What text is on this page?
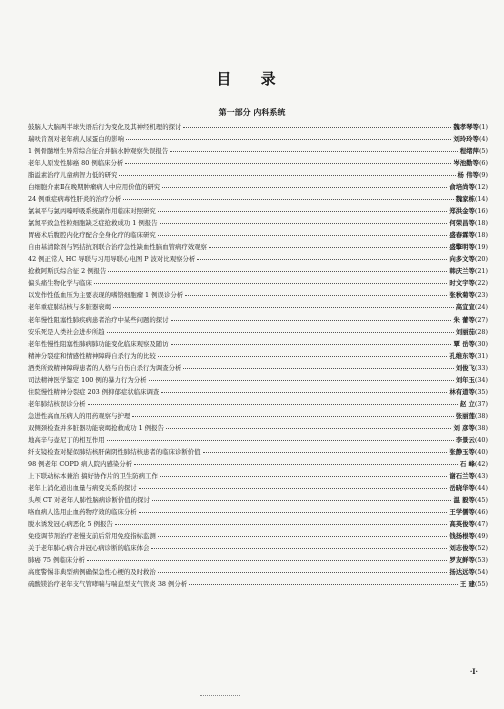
目 录
第一部分 内科系统
鼓脑人大脑两半球失语后行为变化及其神经机理的探讨	魏孝琴等 (1)
瑞呋肯剂对老年病人尿蛋白的影响	刘玲玲等 (4)
1 例骨髓增生异常综合征合并脑水肿观察失误报告	程绪萍 (5)
老年人原发性肺癌 80 例临床分析	岑池勤等 (6)
脂溢素治疗儿童病智力低的研究	杨 伟等 (9)
白细胞介素Ⅱ在晚期肿瘤病人中应用价值的研究	俞培尚等 (12)
24 例重症病毒性肝炎的治疗分析	魏家栋 (14)
氯氧平与氯丙嗪呼吸系统副作用临床对照研究	郑洪金等 (16)
氯氮平致急性粒细胞缺乏症抢救成功 1 例报告	何荣昌等 (18)
胃癌术后腹腔内化疗配合全身化疗的临床研究	盛春霖等 (18)
自由基清除剂与钙拮抗剂联合治疗急性缺血性脑血管病疗效观察	盛擎明等 (19)
42 例正常人 HC 导联与习用导联心电图 P 波对比观察分析	向多文等 (20)
抢救阿斯氏综合征 2 例报告	韩庆兰等 (21)
偏头痛生物化学与临床	时文宇等 (22)
以发作性低血压为主要表现的嗜铬细胞瘤 1 例误诊分析	张秋菊等 (23)
老年重症肺结核与多脏器衰竭	高宜宣 (24)
老年慢性阻塞性肺疾病患者治疗中某些问题的探讨	朱 蕾等 (27)
安乐死是人类社会进步所趋	刘丽茄 (28)
老年性慢性阻塞性肺病肺功能变化临床观察及随访	覃 岳等 (30)
精神分裂症和情感性精神障碍自杀行为的比较	孔维东等 (31)
酒类所致精神障碍患者的人格与自伤自杀行为调查分析	刘俊飞 (33)
司法精神医学鉴定 100 例的暴力行为分析	刘年玉 (34)
住院慢性精神分裂症 203 例抑郁症状临床调查	林有道等 (35)
老年肺结核误诊分析	赵 立 (37)
急进性高血压病人的用药观察与护理	张丽莲 (38)
双侧颈检查并多脏器功能衰竭抢救成功 1 例报告	刘 彦等 (38)
地高辛与壶尼丁的相互作用	李景云 (40)
纤支镜检查对疑似肺结核肝菌阴性肺结核患者的临床诊断价值	张静玉等 (40)
98 例老年 COPD 病人院内感染分析	石 峰 (42)
上下联动标本兼治 搞好协作片的卫生防病工作	谢石兰等 (43)
老年上消化道出血量与病变关系的探讨	岳晓华等 (44)
头颅 CT 对老年人肺性脑病诊断价值的探讨	温 毅等 (45)
咯血病人选用止血药物疗效的临床分析	王学儒等 (46)
脱水诱发冠心病恶化 5 例报告	高英俊等 (47)
免疫调节剂治疗老慢支前后常用免疫指标监测	钱扬根等 (49)
关于老年肺心病合并冠心病诊断的临床体会	刘志俊等 (52)
肺癌 75 例临床分析	罗友鲜等 (53)
高度警惕非典型病例确保急性心梗的及时救治	扬达远等 (54)
硫酸镁治疗老年支气管哮喘与喘息型支气管炎 38 例分析	王 建 (55)
·I·
